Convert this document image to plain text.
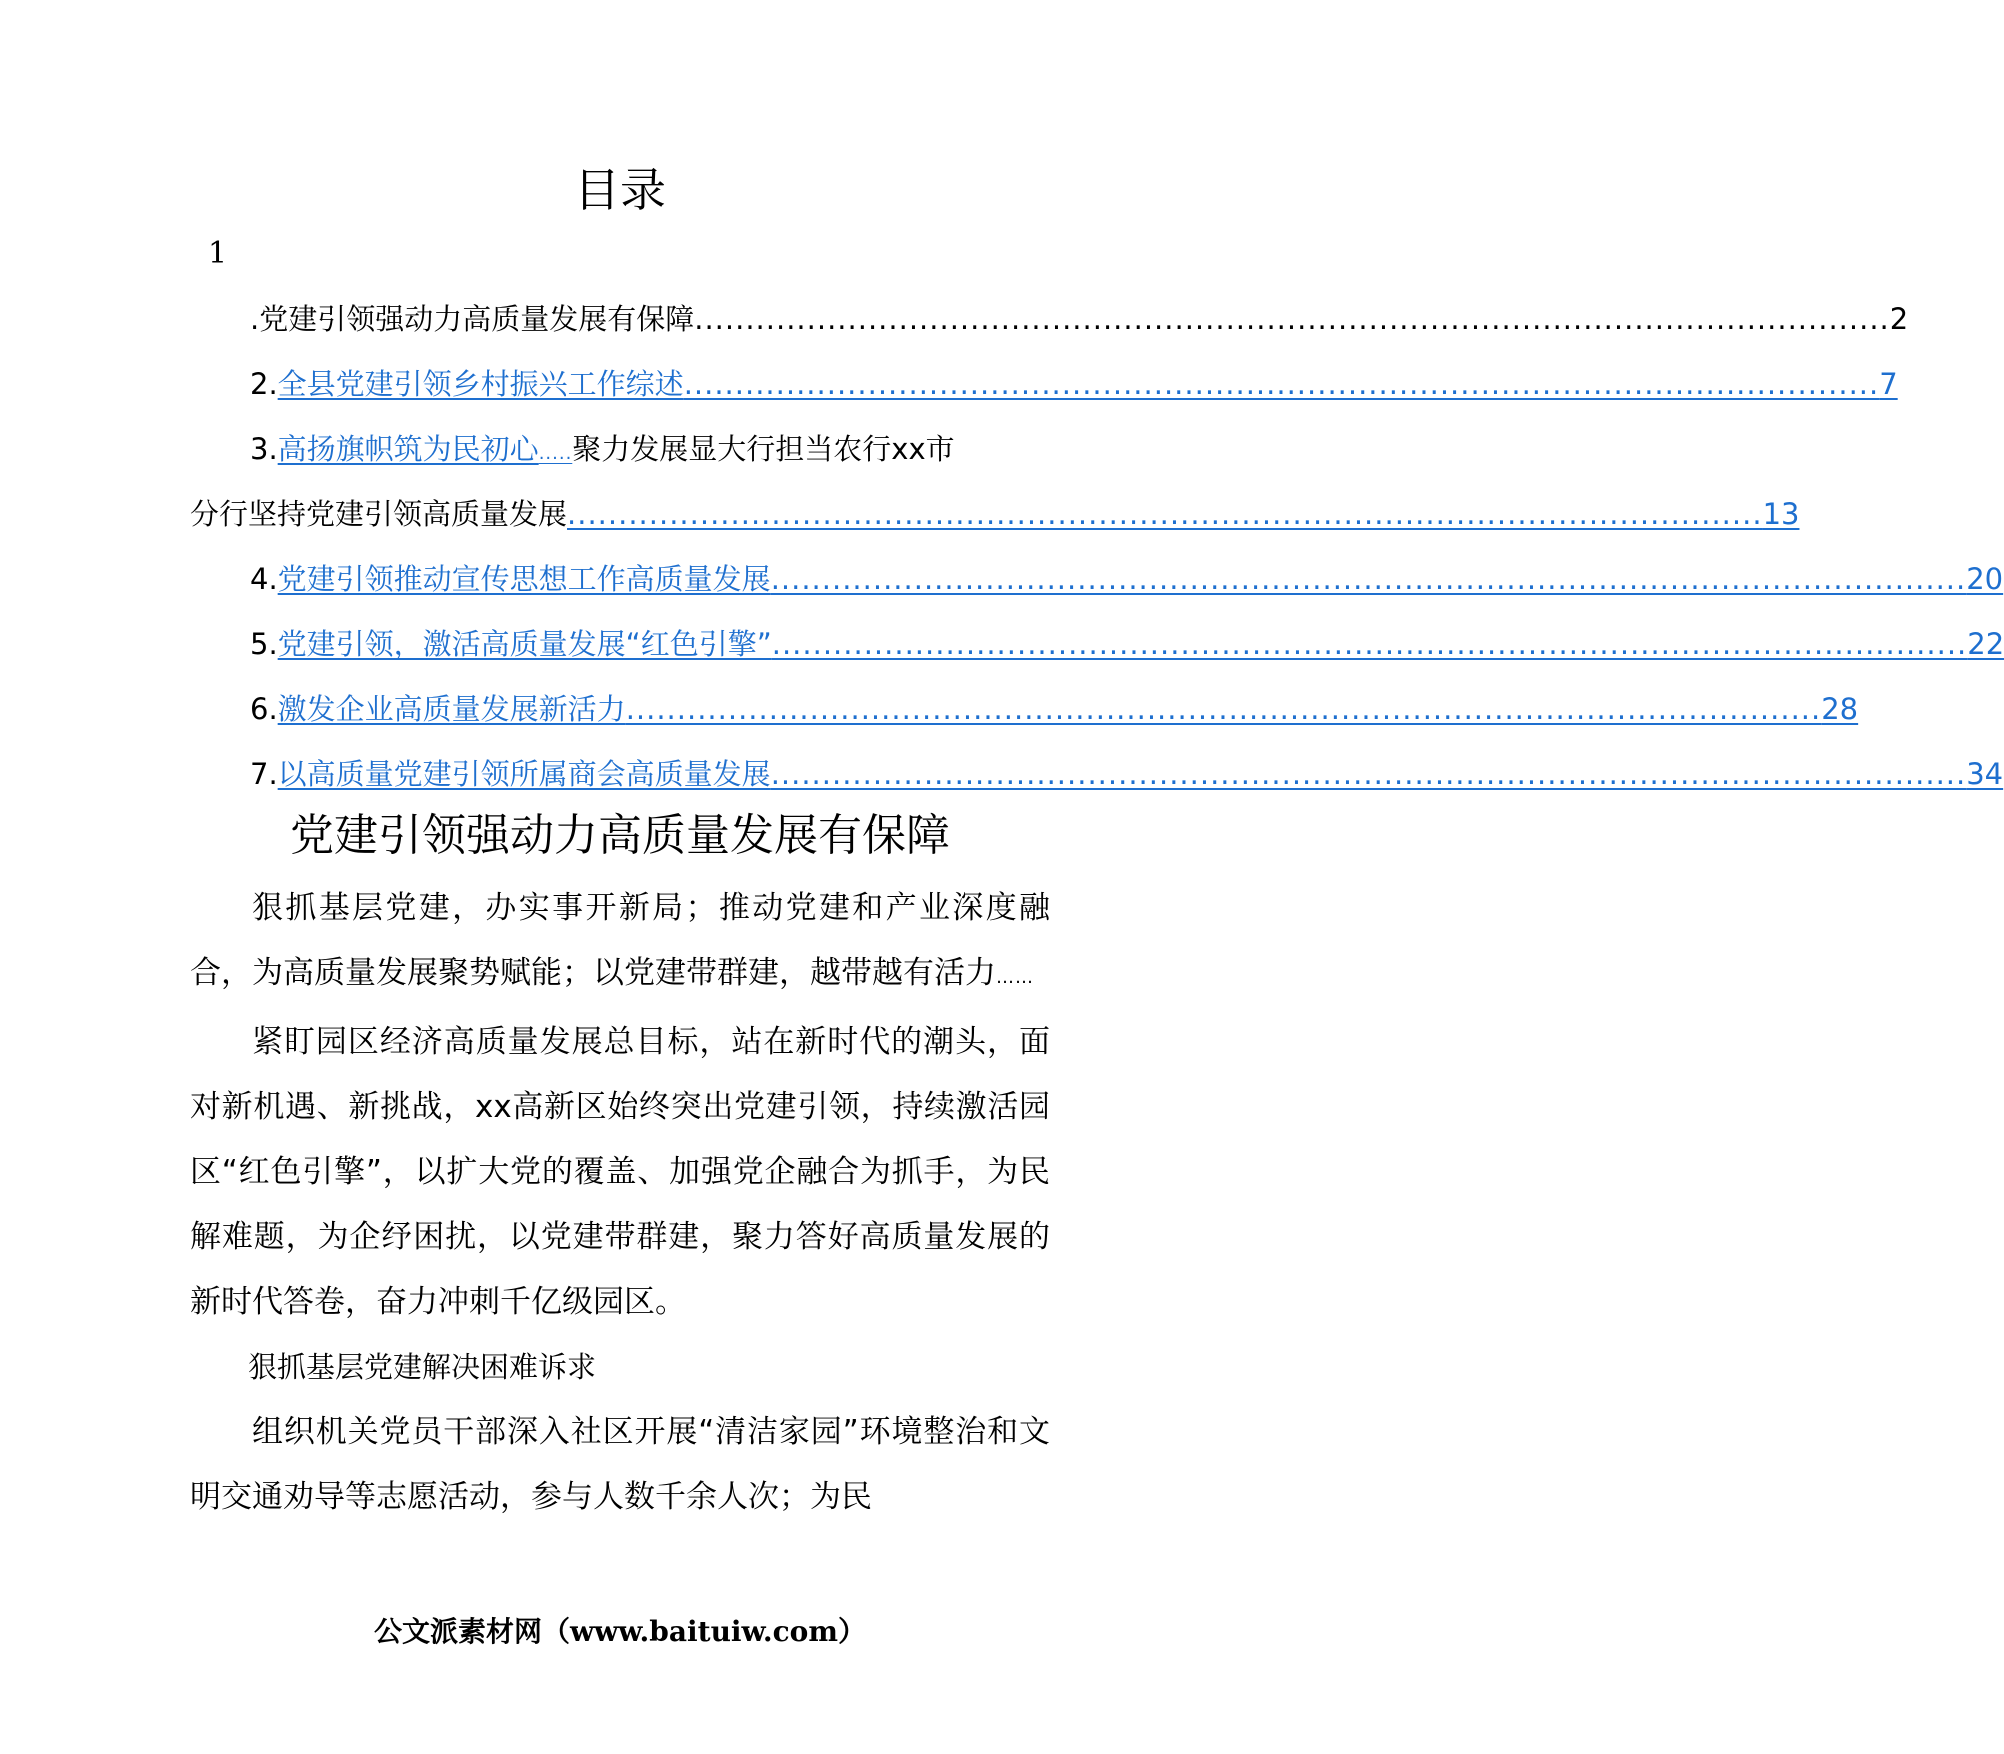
目录
1
. 党建引领强动力高质量发展有保障 ..................................................................................................................... 2
2. 全县党建引领乡村振兴工作综述 ..................................................................................................................... 7
3.高扬旗帜筑为民初心.....聚力发展显大行担当农行xx市
分行坚持党建引领高质量发展 ..................................................................................................................... 13
4. 党建引领推动宣传思想工作高质量发展 ..................................................................................................................... 20
5. 党建引领，激活高质量发展“红色引擎” ..................................................................................................................... 22
6. 激发企业高质量发展新活力 ..................................................................................................................... 28
7. 以高质量党建引领所属商会高质量发展 ..................................................................................................................... 34
党建引领强动力高质量发展有保障

狠抓基层党建，办实事开新局；推动党建和产业深度融合，为高质量发展聚势赋能；以党建带群建，越带越有活力……

紧盯园区经济高质量发展总目标，站在新时代的潮头，面对新机遇、新挑战，xx高新区始终突出党建引领，持续激活园区“红色引擎”，以扩大党的覆盖、加强党企融合为抓手，为民解难题，为企纾困扰，以党建带群建，聚力答好高质量发展的新时代答卷，奋力冲刺千亿级园区。

狠抓基层党建解决困难诉求

组织机关党员干部深入社区开展“清洁家园”环境整治和文明交通劝导等志愿活动，参与人数千余人次；为民

公文派素材网（www.baituiw.com）
